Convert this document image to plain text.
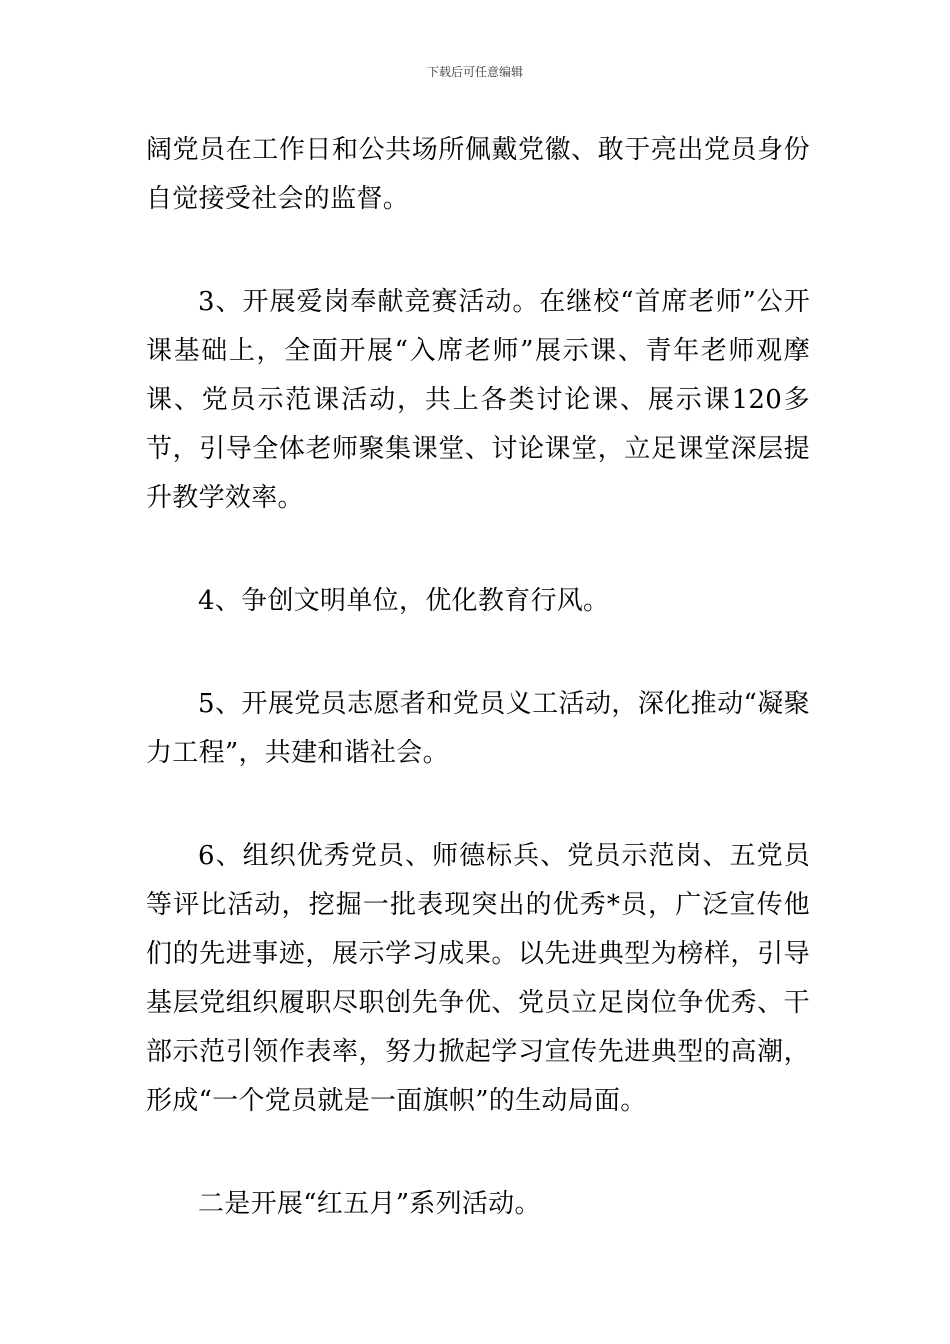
下载后可任意编辑

阔党员在工作日和公共场所佩戴党徽、敢于亮出党员身份自觉接受社会的监督。

3、开展爱岗奉献竞赛活动。在继校“首席老师”公开课基础上，全面开展“入席老师”展示课、青年老师观摩课、党员示范课活动，共上各类讨论课、展示课120多节，引导全体老师聚集课堂、讨论课堂，立足课堂深层提升教学效率。

4、争创文明单位，优化教育行风。

5、开展党员志愿者和党员义工活动，深化推动“凝聚力工程”，共建和谐社会。

6、组织优秀党员、师德标兵、党员示范岗、五党员等评比活动，挖掘一批表现突出的优秀*员，广泛宣传他们的先进事迹，展示学习成果。以先进典型为榜样，引导基层党组织履职尽职创先争优、党员立足岗位争优秀、干部示范引领作表率，努力掀起学习宣传先进典型的高潮，形成“一个党员就是一面旗帜”的生动局面。

二是开展“红五月”系列活动。
